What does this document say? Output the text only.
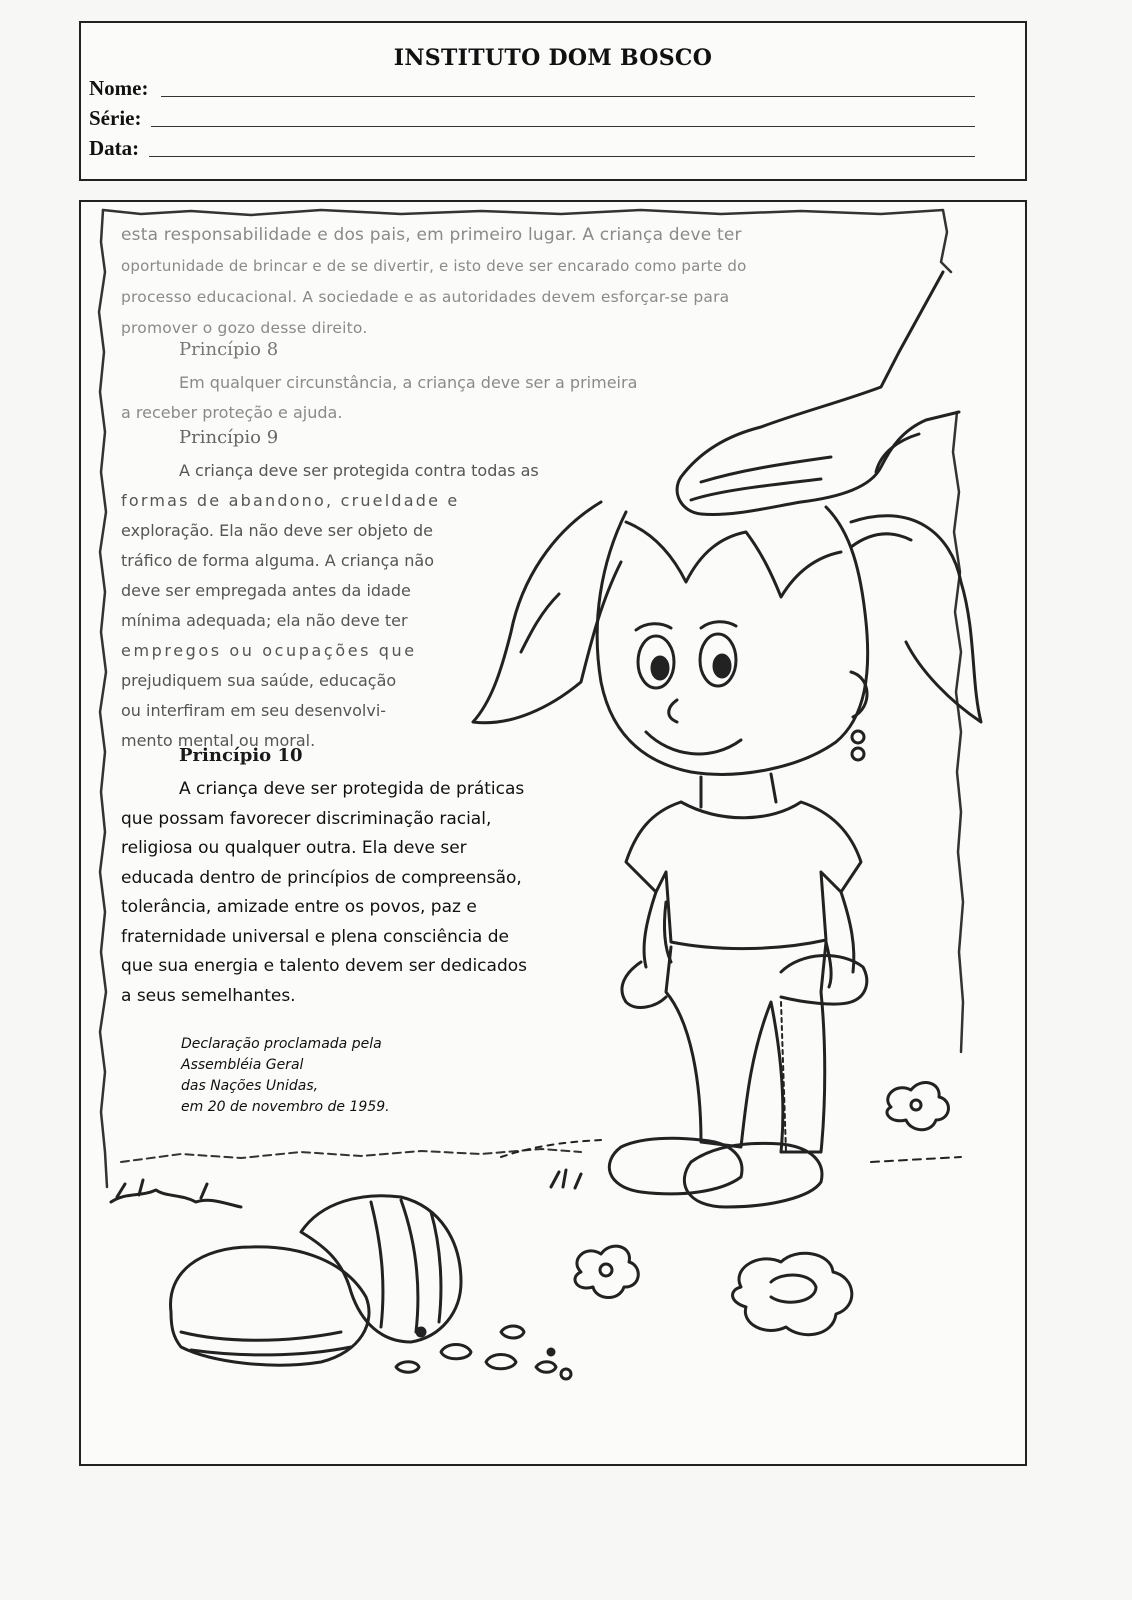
INSTITUTO DOM BOSCO
Nome:
Série:
Data:

esta responsabilidade e dos pais, em primeiro lugar. A criança deve ter

oportunidade de brincar e de se divertir, e isto deve ser encarado como parte do

processo educacional. A sociedade e as autoridades devem esforçar-se para

promover o gozo desse direito.

Princípio 8

Em qualquer circunstância, a criança deve ser a primeira

a receber proteção e ajuda.

Princípio 9

A criança deve ser protegida contra todas as

formas de abandono, crueldade e

exploração. Ela não deve ser objeto de

tráfico de forma alguma. A criança não

deve ser empregada antes da idade

mínima adequada; ela não deve ter

empregos ou ocupações que

prejudiquem sua saúde, educação

ou interfiram em seu desenvolvi-

mento mental ou moral.

Princípio 10

A criança deve ser protegida de práticas

que possam favorecer discriminação racial,

religiosa ou qualquer outra. Ela deve ser

educada dentro de princípios de compreensão,

tolerância, amizade entre os povos, paz e

fraternidade universal e plena consciência de

que sua energia e talento devem ser dedicados

a seus semelhantes.

Declaração proclamada pela
Assembléia Geral
das Nações Unidas,
em 20 de novembro de 1959.
